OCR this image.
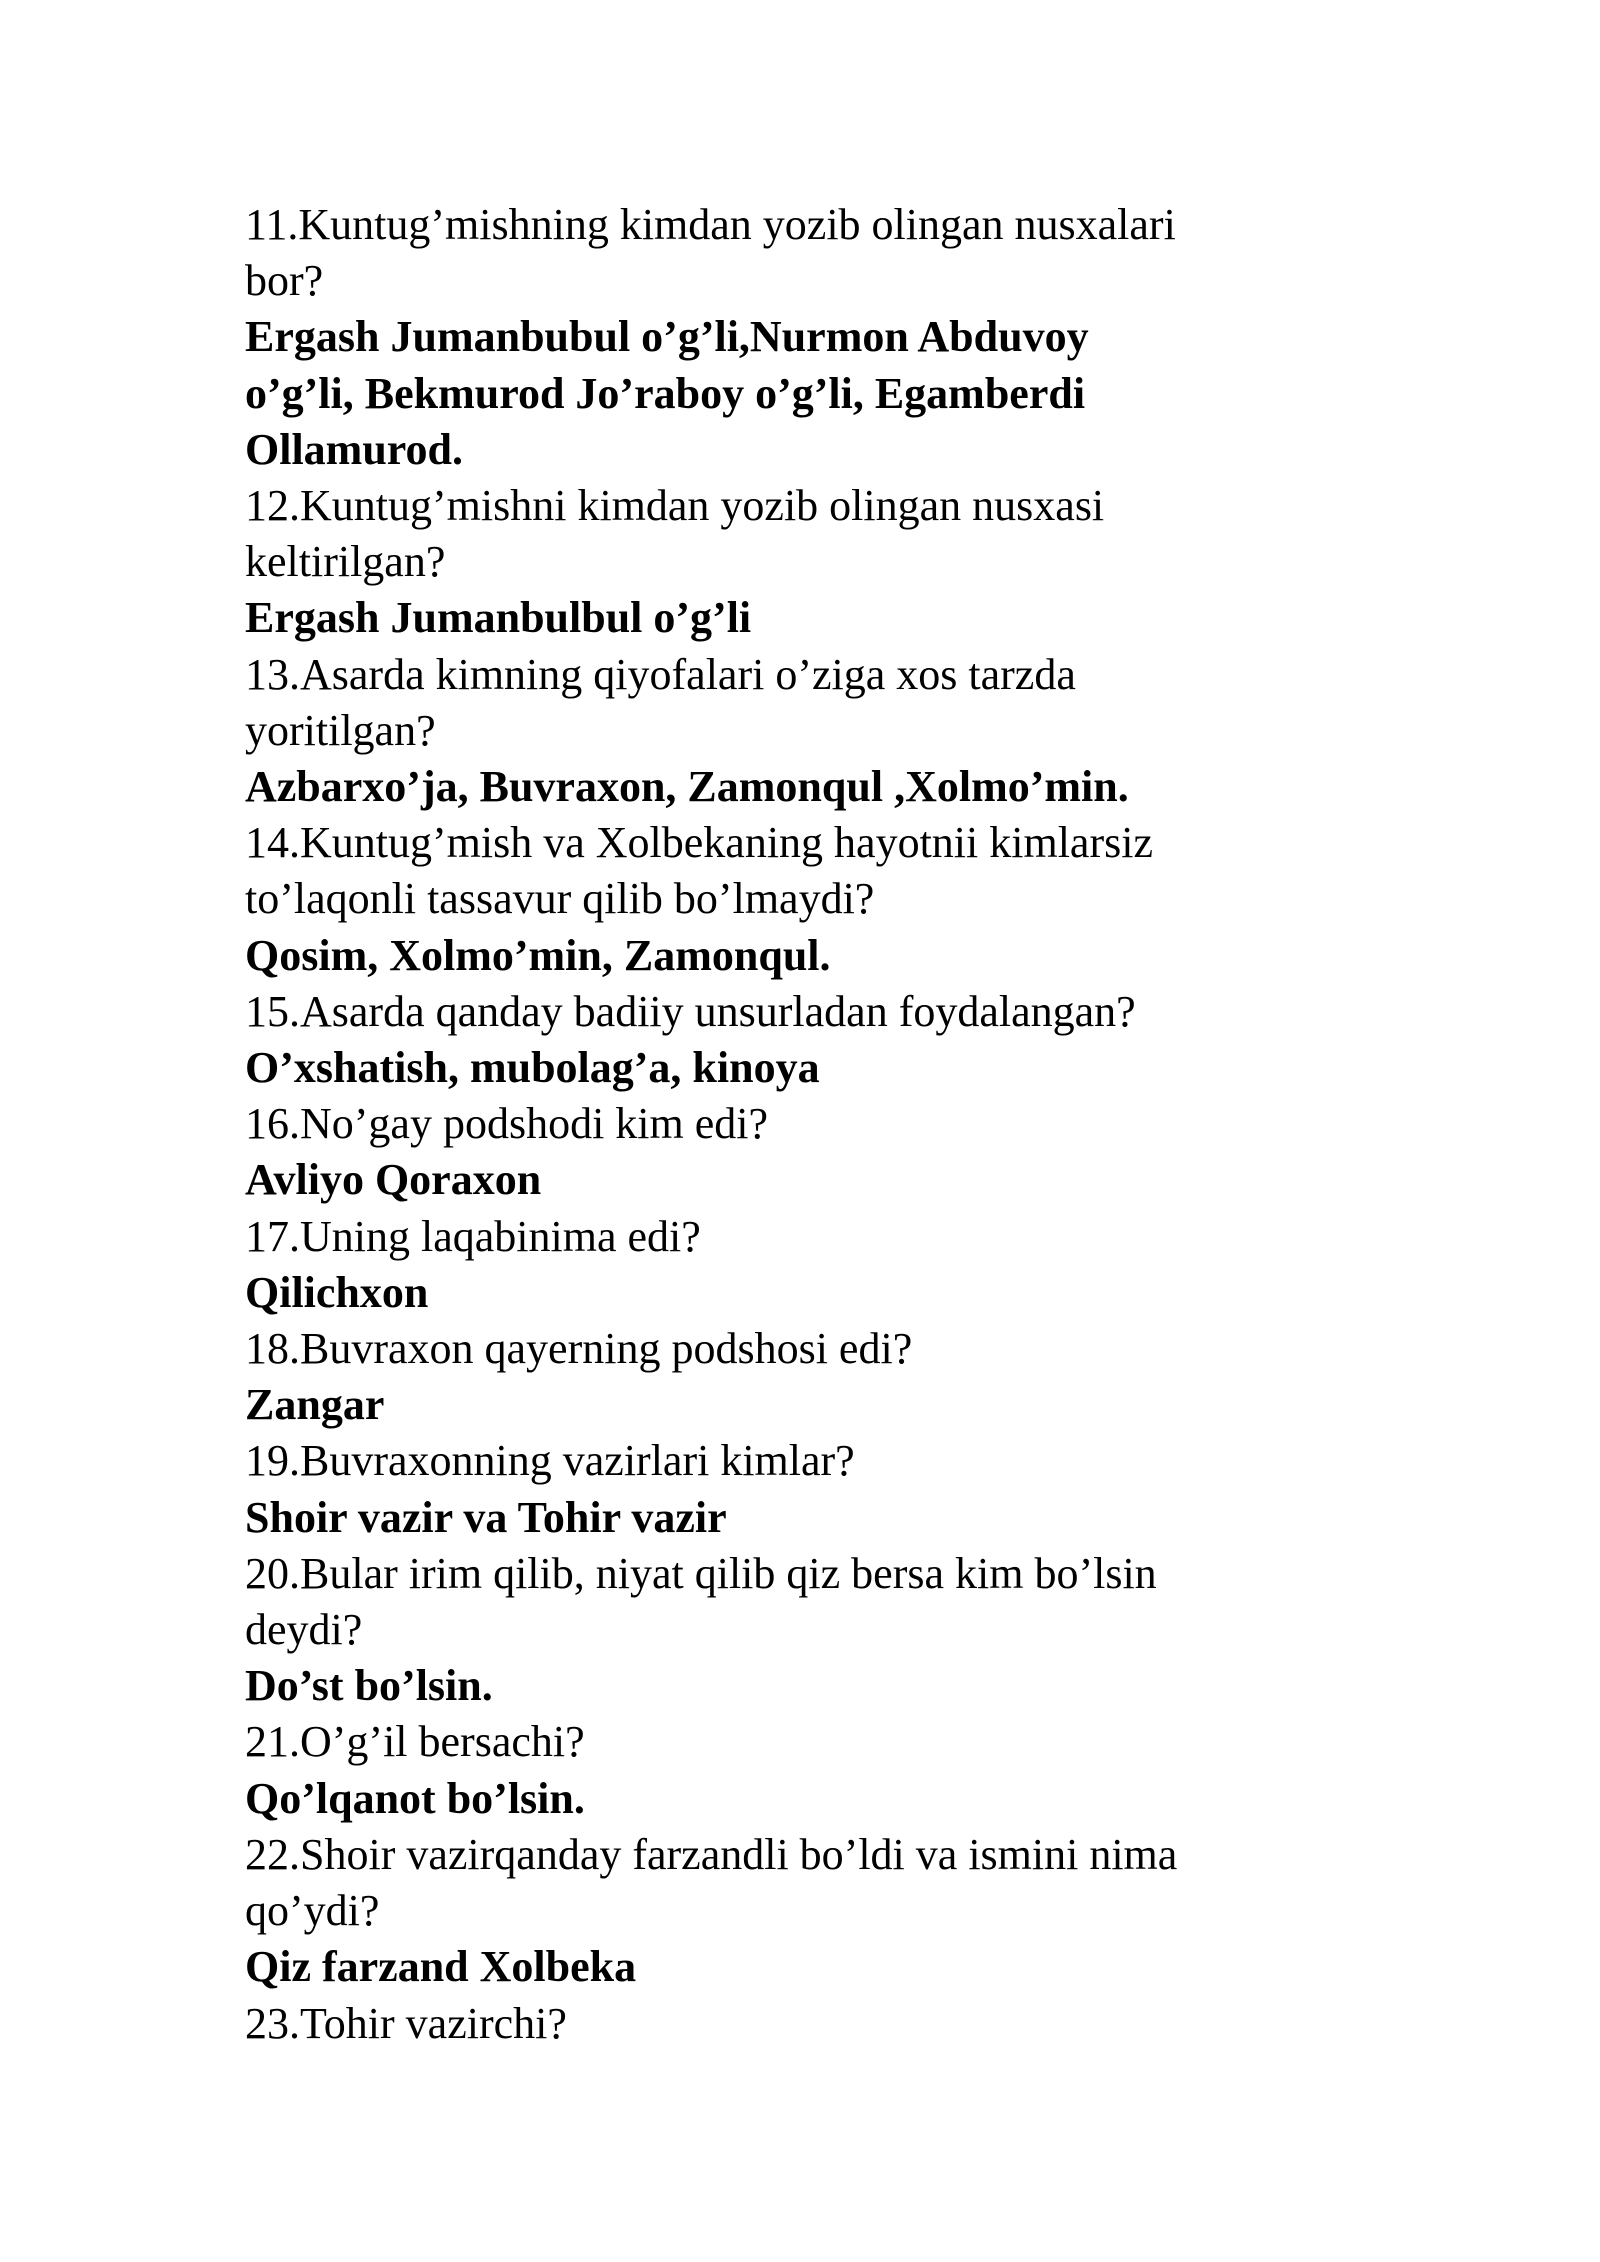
11.Kuntug’mishning kimdan yozib olingan nusxalari
bor?

Ergash Jumanbubul o’g’li,Nurmon Abduvoy
o’g’li, Bekmurod Jo’raboy o’g’li, Egamberdi
Ollamurod.

12.Kuntug’mishni kimdan yozib olingan nusxasi
keltirilgan?

Ergash Jumanbulbul o’g’li

13.Asarda kimning qiyofalari o’ziga xos tarzda
yoritilgan?

Azbarxo’ja, Buvraxon, Zamonqul ,Xolmo’min.

14.Kuntug’mish va Xolbekaning hayotnii kimlarsiz
to’laqonli tassavur qilib bo’lmaydi?

Qosim, Xolmo’min, Zamonqul.

15.Asarda qanday badiiy unsurladan foydalangan?

O’xshatish, mubolag’a, kinoya

16.No’gay podshodi kim edi?

Avliyo Qoraxon

17.Uning laqabinima edi?

Qilichxon

18.Buvraxon qayerning podshosi edi?

Zangar

19.Buvraxonning vazirlari kimlar?

Shoir vazir va Tohir vazir

20.Bular irim qilib, niyat qilib qiz bersa kim bo’lsin
deydi?

Do’st bo’lsin.

21.O’g’il bersachi?

Qo’lqanot bo’lsin.

22.Shoir vazirqanday farzandli bo’ldi va ismini nima
qo’ydi?

Qiz farzand Xolbeka

23.Tohir vazirchi?
